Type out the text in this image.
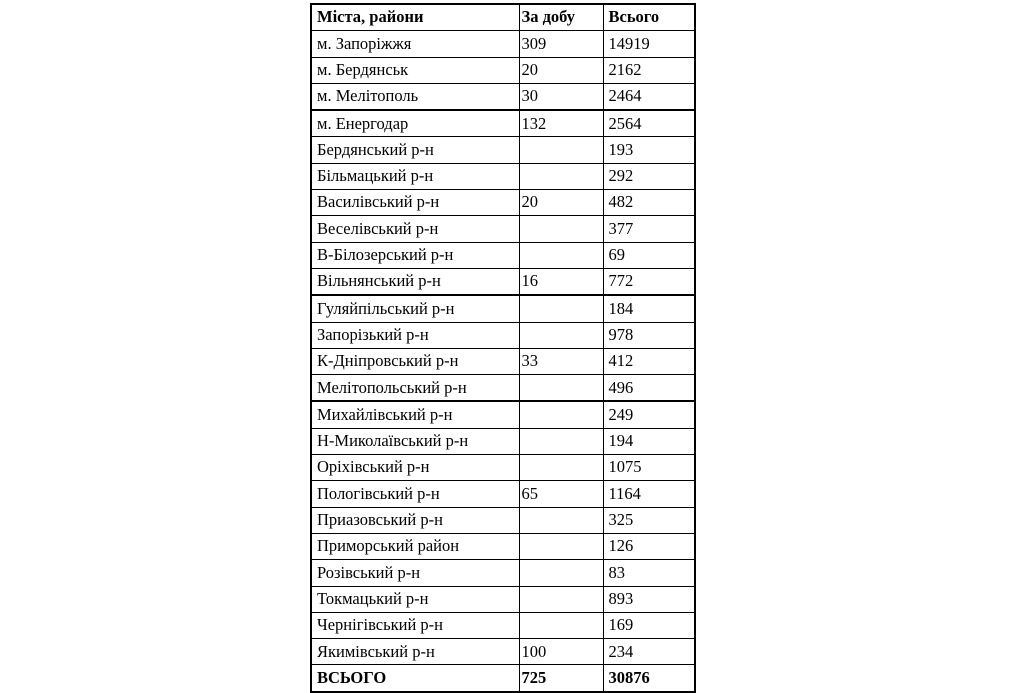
Міста, райони	За добу	Всього
м. Запоріжжя	309	14919
м. Бердянськ	20	2162
м. Мелітополь	30	2464
м. Енергодар	132	2564
Бердянський р-н		193
Більмацький р-н		292
Василівський р-н	20	482
Веселівський р-н		377
В-Білозерський р-н		69
Вільнянський р-н	16	772
Гуляйпільський р-н		184
Запорізький р-н		978
К-Дніпровський р-н	33	412
Мелітопольський р-н		496
Михайлівський р-н		249
Н-Миколаївський р-н		194
Оріхівський р-н		1075
Пологівський р-н	65	1164
Приазовський р-н		325
Приморський район		126
Розівський р-н		83
Токмацький р-н		893
Чернігівський р-н		169
Якимівський р-н	100	234
ВСЬОГО	725	30876
